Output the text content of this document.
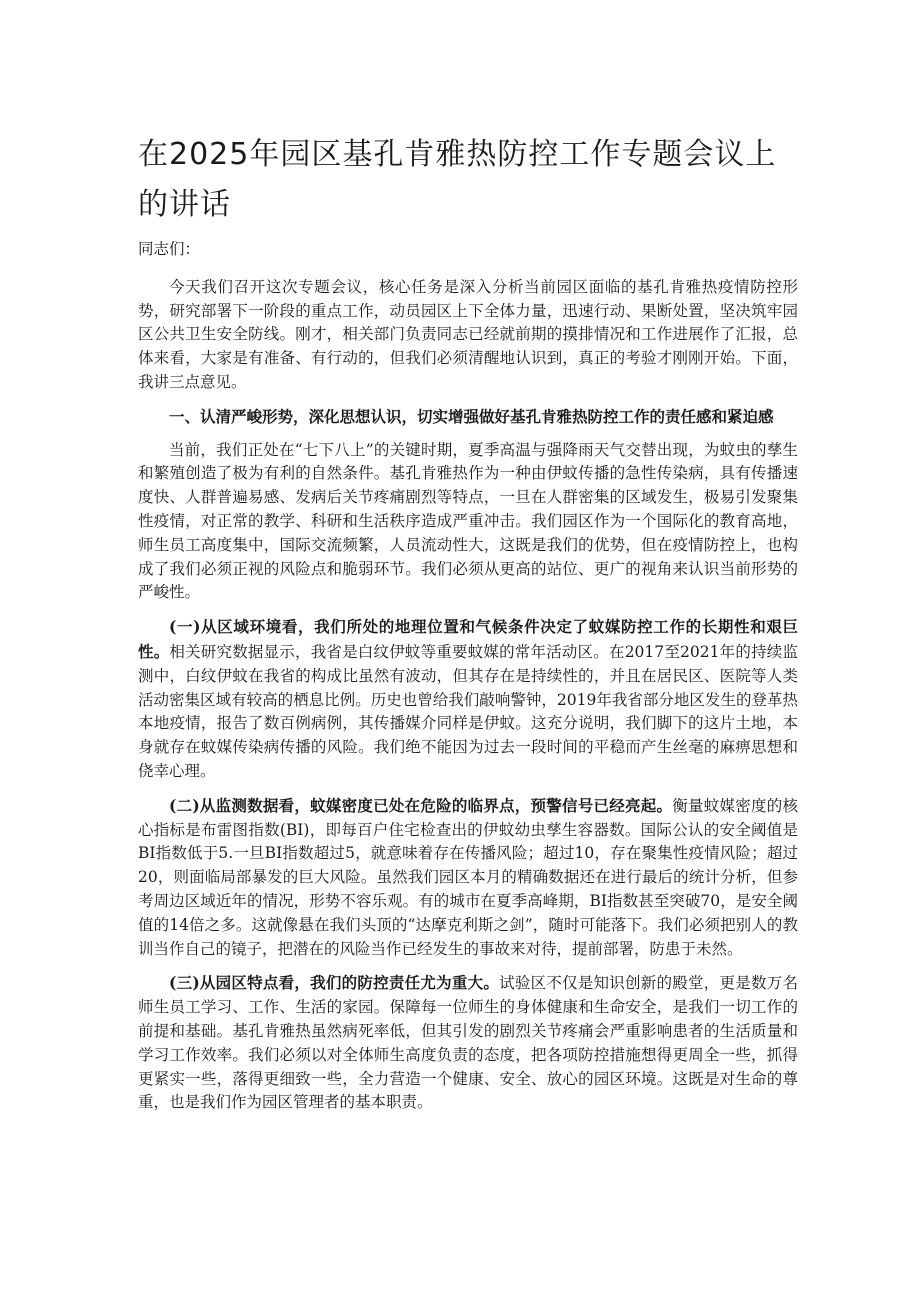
在2025年园区基孔肯雅热防控工作专题会议上的讲话

同志们：

今天我们召开这次专题会议，核心任务是深入分析当前园区面临的基孔肯雅热疫情防控形势，研究部署下一阶段的重点工作，动员园区上下全体力量，迅速行动、果断处置，坚决筑牢园区公共卫生安全防线。刚才，相关部门负责同志已经就前期的摸排情况和工作进展作了汇报，总体来看，大家是有准备、有行动的，但我们必须清醒地认识到，真正的考验才刚刚开始。下面，我讲三点意见。

一、认清严峻形势，深化思想认识，切实增强做好基孔肯雅热防控工作的责任感和紧迫感

当前，我们正处在“七下八上”的关键时期，夏季高温与强降雨天气交替出现，为蚊虫的孳生和繁殖创造了极为有利的自然条件。基孔肯雅热作为一种由伊蚊传播的急性传染病，具有传播速度快、人群普遍易感、发病后关节疼痛剧烈等特点，一旦在人群密集的区域发生，极易引发聚集性疫情，对正常的教学、科研和生活秩序造成严重冲击。我们园区作为一个国际化的教育高地，师生员工高度集中，国际交流频繁，人员流动性大，这既是我们的优势，但在疫情防控上，也构成了我们必须正视的风险点和脆弱环节。我们必须从更高的站位、更广的视角来认识当前形势的严峻性。

(一)从区域环境看，我们所处的地理位置和气候条件决定了蚊媒防控工作的长期性和艰巨性。相关研究数据显示，我省是白纹伊蚊等重要蚊媒的常年活动区。在2017至2021年的持续监测中，白纹伊蚊在我省的构成比虽然有波动，但其存在是持续性的，并且在居民区、医院等人类活动密集区域有较高的栖息比例。历史也曾给我们敲响警钟，2019年我省部分地区发生的登革热本地疫情，报告了数百例病例，其传播媒介同样是伊蚊。这充分说明，我们脚下的这片土地，本身就存在蚊媒传染病传播的风险。我们绝不能因为过去一段时间的平稳而产生丝毫的麻痹思想和侥幸心理。

(二)从监测数据看，蚊媒密度已处在危险的临界点，预警信号已经亮起。衡量蚊媒密度的核心指标是布雷图指数(BI)，即每百户住宅检查出的伊蚊幼虫孳生容器数。国际公认的安全阈值是BI指数低于5.一旦BI指数超过5，就意味着存在传播风险；超过10，存在聚集性疫情风险；超过20，则面临局部暴发的巨大风险。虽然我们园区本月的精确数据还在进行最后的统计分析，但参考周边区域近年的情况，形势不容乐观。有的城市在夏季高峰期，BI指数甚至突破70，是安全阈值的14倍之多。这就像悬在我们头顶的“达摩克利斯之剑”，随时可能落下。我们必须把别人的教训当作自己的镜子，把潜在的风险当作已经发生的事故来对待，提前部署，防患于未然。

(三)从园区特点看，我们的防控责任尤为重大。试验区不仅是知识创新的殿堂，更是数万名师生员工学习、工作、生活的家园。保障每一位师生的身体健康和生命安全，是我们一切工作的前提和基础。基孔肯雅热虽然病死率低，但其引发的剧烈关节疼痛会严重影响患者的生活质量和学习工作效率。我们必须以对全体师生高度负责的态度，把各项防控措施想得更周全一些，抓得更紧实一些，落得更细致一些，全力营造一个健康、安全、放心的园区环境。这既是对生命的尊重，也是我们作为园区管理者的基本职责。
